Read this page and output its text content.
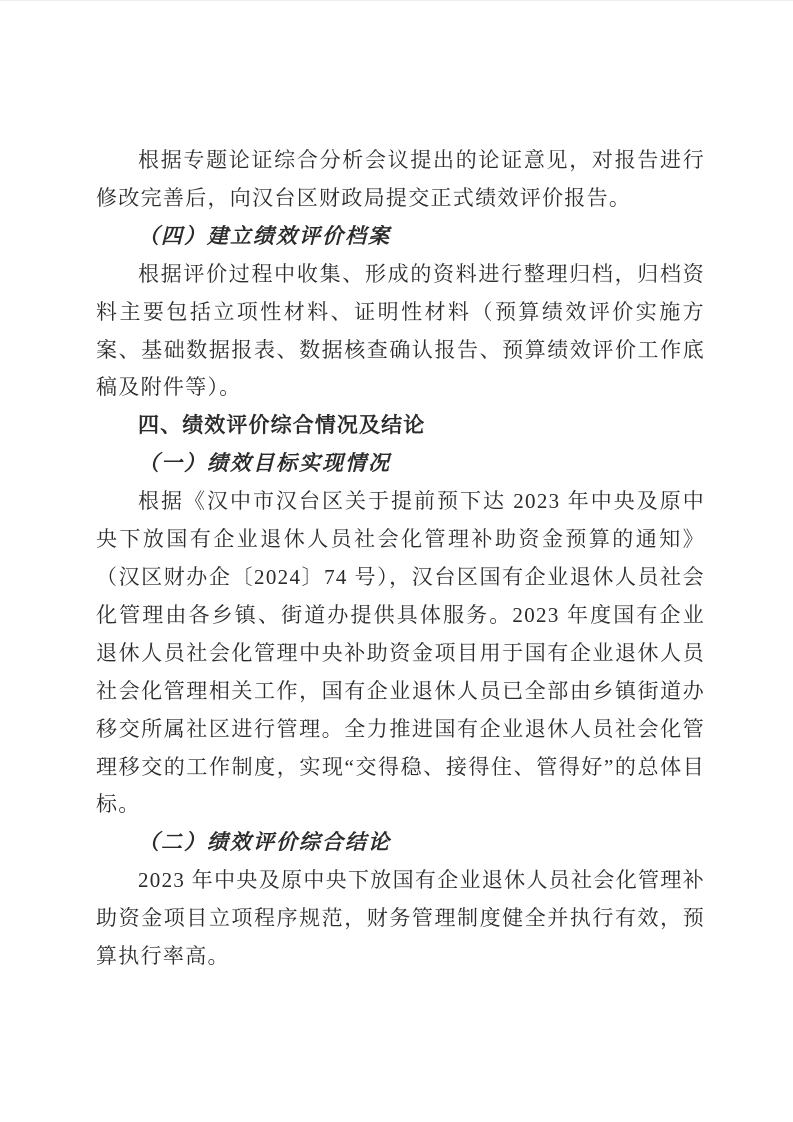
根据专题论证综合分析会议提出的论证意见，对报告进行修改完善后，向汉台区财政局提交正式绩效评价报告。

（四）建立绩效评价档案

根据评价过程中收集、形成的资料进行整理归档，归档资料主要包括立项性材料、证明性材料（预算绩效评价实施方案、基础数据报表、数据核查确认报告、预算绩效评价工作底稿及附件等）。

四、绩效评价综合情况及结论

（一）绩效目标实现情况

根据《汉中市汉台区关于提前预下达 2023 年中央及原中央下放国有企业退休人员社会化管理补助资金预算的通知》（汉区财办企〔2024〕74 号），汉台区国有企业退休人员社会化管理由各乡镇、街道办提供具体服务。2023 年度国有企业退休人员社会化管理中央补助资金项目用于国有企业退休人员社会化管理相关工作，国有企业退休人员已全部由乡镇街道办移交所属社区进行管理。全力推进国有企业退休人员社会化管理移交的工作制度，实现“交得稳、接得住、管得好”的总体目标。

（二）绩效评价综合结论

2023 年中央及原中央下放国有企业退休人员社会化管理补助资金项目立项程序规范，财务管理制度健全并执行有效，预算执行率高。
